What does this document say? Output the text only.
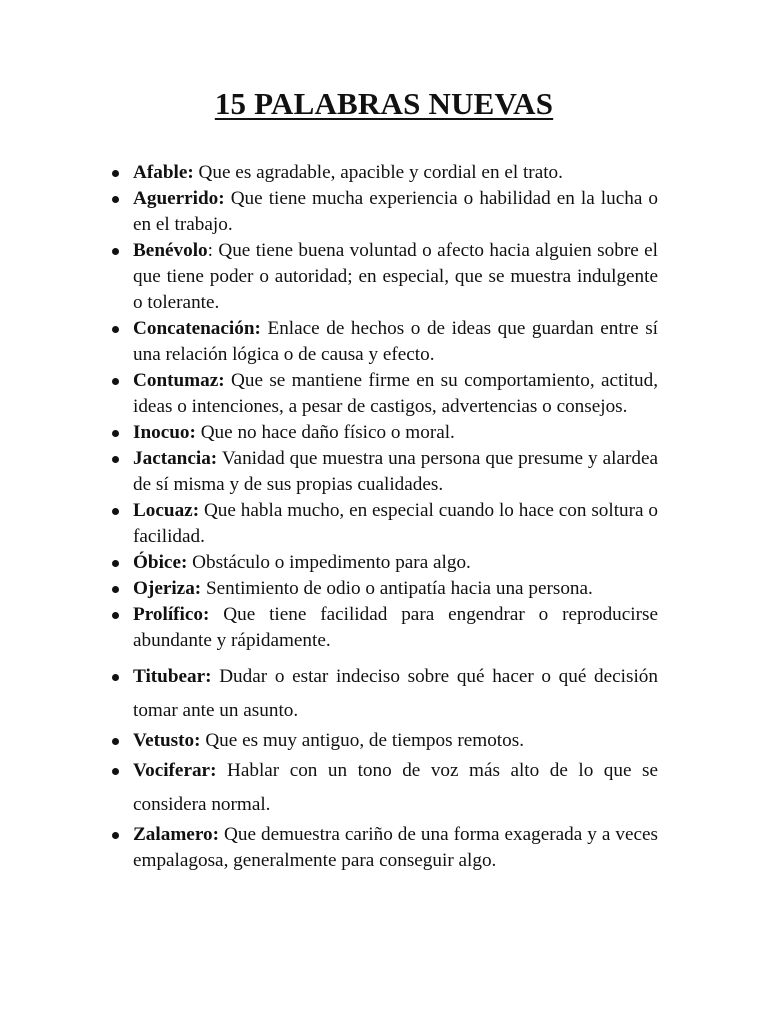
15 PALABRAS NUEVAS
Afable: Que es agradable, apacible y cordial en el trato.
Aguerrido: Que tiene mucha experiencia o habilidad en la lucha o en el trabajo.
Benévolo: Que tiene buena voluntad o afecto hacia alguien sobre el que tiene poder o autoridad; en especial, que se muestra indulgente o tolerante.
Concatenación: Enlace de hechos o de ideas que guardan entre sí una relación lógica o de causa y efecto.
Contumaz: Que se mantiene firme en su comportamiento, actitud, ideas o intenciones, a pesar de castigos, advertencias o consejos.
Inocuo: Que no hace daño físico o moral.
Jactancia: Vanidad que muestra una persona que presume y alardea de sí misma y de sus propias cualidades.
Locuaz: Que habla mucho, en especial cuando lo hace con soltura o facilidad.
Óbice: Obstáculo o impedimento para algo.
Ojeriza: Sentimiento de odio o antipatía hacia una persona.
Prolífico: Que tiene facilidad para engendrar o reproducirse abundante y rápidamente.
Titubear: Dudar o estar indeciso sobre qué hacer o qué decisión tomar ante un asunto.
Vetusto: Que es muy antiguo, de tiempos remotos.
Vociferar: Hablar con un tono de voz más alto de lo que se considera normal.
Zalamero: Que demuestra cariño de una forma exagerada y a veces empalagosa, generalmente para conseguir algo.
